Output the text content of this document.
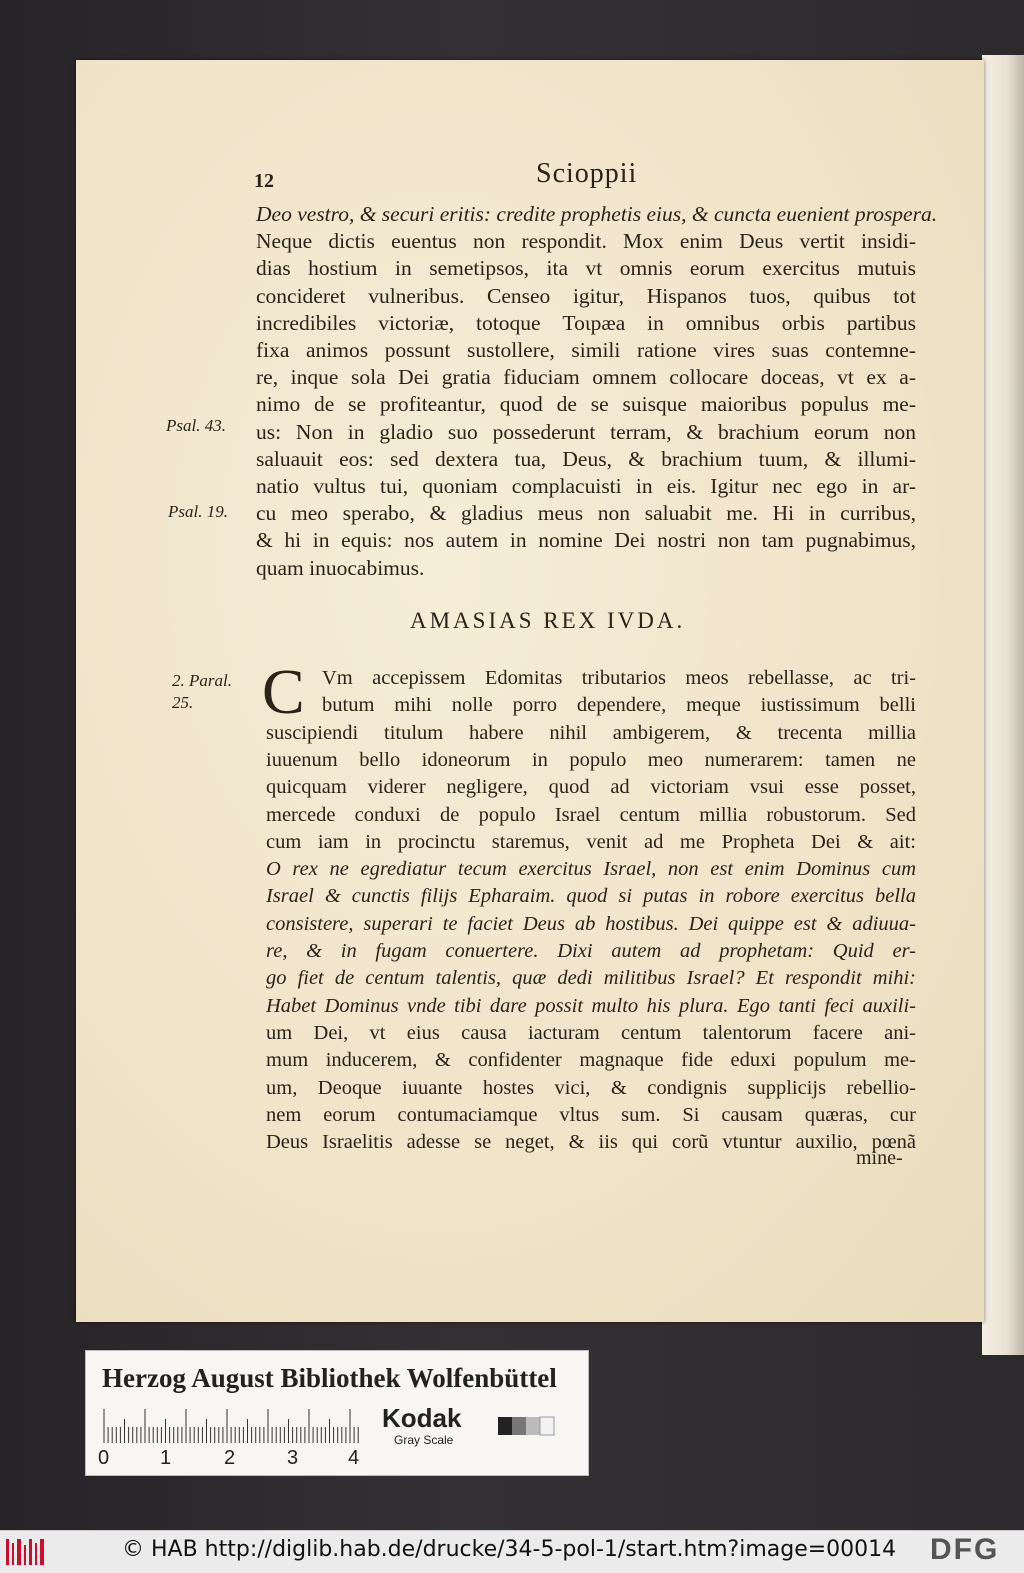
12	Scioppii
Deo vestro, & securi eritis: credite prophetis eius, & cuncta euenient prospera.
Neque dictis euentus non respondit. Mox enim Deus vertit insidi-
dias hostium in semetipsos, ita vt omnis eorum exercitus mutuis
concideret vulneribus. Censeo igitur, Hispanos tuos, quibus tot
incredibiles victoriæ, totoque Τοιpæa in omnibus orbis partibus
fixa animos possunt sustollere, simili ratione vires suas contemne-
re, inque sola Dei gratia fiduciam omnem collocare doceas, vt ex a-
nimo de se profiteantur, quod de se suisque maioribus populus me-
us: Non in gladio suo possederunt terram, & brachium eorum non
saluauit eos: sed dextera tua, Deus, & brachium tuum, & illumi-
natio vultus tui, quoniam complacuisti in eis. Igitur nec ego in ar-
cu meo sperabo, & gladius meus non saluabit me. Hi in curribus,
& hi in equis: nos autem in nomine Dei nostri non tam pugnabimus,
quam inuocabimus.
Psal. 43.
Psal. 19.
AMASIAS REX IVDA.
2. Paral.
25. C Vm accepissem Edomitas tributarios meos rebellasse, ac tri-
butum mihi nolle porro dependere, meque iustissimum belli
suscipiendi titulum habere nihil ambigerem, & trecenta millia
iuuenum bello idoneorum in populo meo numerarem: tamen ne
quicquam viderer negligere, quod ad victoriam vsui esse posset,
mercede conduxi de populo Israel centum millia robustorum. Sed
cum iam in procinctu staremus, venit ad me Propheta Dei & ait:
O rex ne egrediatur tecum exercitus Israel, non est enim Dominus cum
Israel & cunctis filijs Epharaim. quod si putas in robore exercitus bella
consistere, superari te faciet Deus ab hostibus. Dei quippe est & adiuua-
re, & in fugam conuertere. Dixi autem ad prophetam: Quid er-
go fiet de centum talentis, quæ dedi militibus Israel? Et respondit mihi:
Habet Dominus vnde tibi dare possit multo his plura. Ego tanti feci auxili-
um Dei, vt eius causa iacturam centum talentorum facere ani-
mum inducerem, & confidenter magnaque fide eduxi populum me-
um, Deoque iuuante hostes vici, & condignis supplicijs rebellio-
nem eorum contumaciamque vltus sum. Si causam quæras, cur
Deus Israelitis adesse se neget, & iis qui corũ vtuntur auxilio, pœnã
mine-
Herzog August Bibliothek Wolfenbüttel
0	1	2	3 4
Kodak
Gray Scale
© HAB http://diglib.hab.de/drucke/34-5-pol-1/start.htm?image=00014 DFG
